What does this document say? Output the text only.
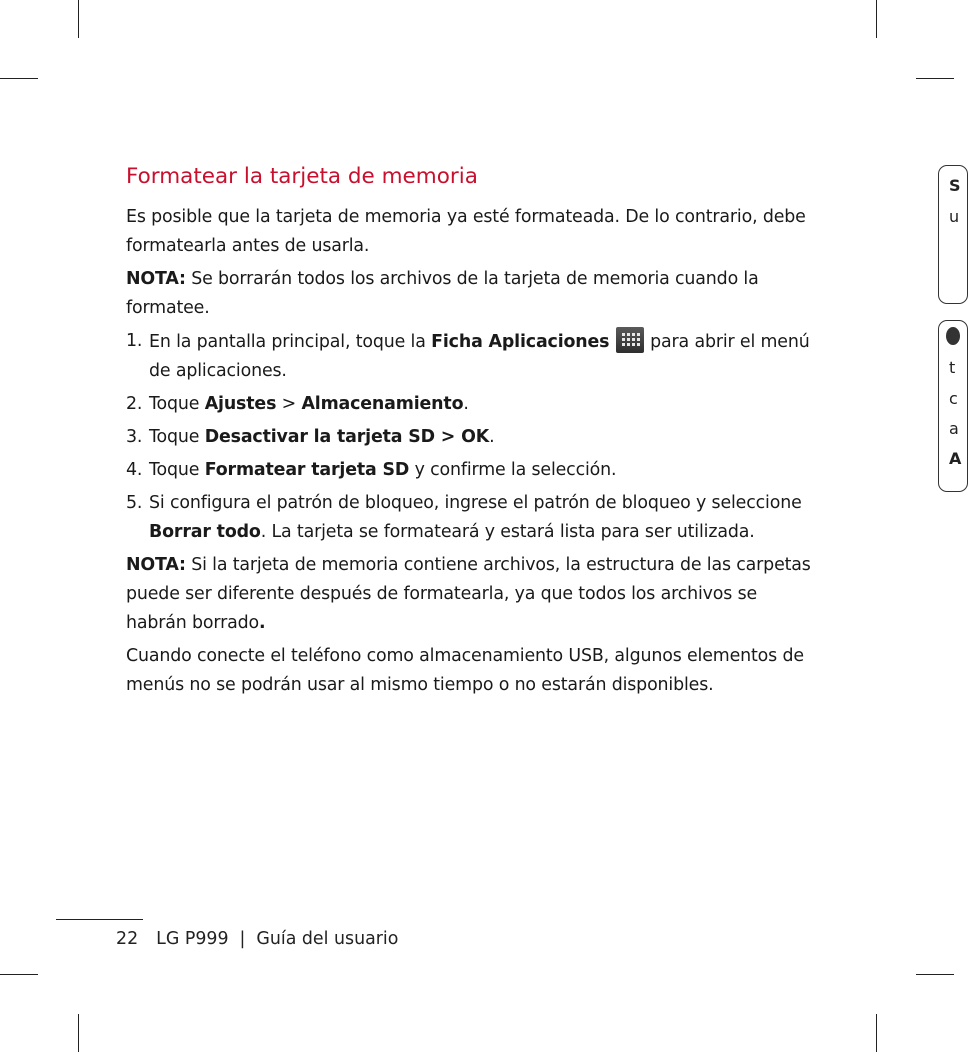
S
u
t
c
a
A
Formatear la tarjeta de memoria

Es posible que la tarjeta de memoria ya esté formateada. De lo contrario, debe formatearla antes de usarla.

NOTA: Se borrarán todos los archivos de la tarjeta de memoria cuando la formatee.

1. En la pantalla principal, toque la Ficha Aplicaciones
para abrir el menú de aplicaciones.
2. Toque Ajustes > Almacenamiento.
3. Toque Desactivar la tarjeta SD > OK.
4. Toque Formatear tarjeta SD y confirme la selección.
5. Si configura el patrón de bloqueo, ingrese el patrón de bloqueo y seleccione Borrar todo. La tarjeta se formateará y estará lista para ser utilizada.

NOTA: Si la tarjeta de memoria contiene archivos, la estructura de las carpetas puede ser diferente después de formatearla, ya que todos los archivos se habrán borrado.

Cuando conecte el teléfono como almacenamiento USB, algunos elementos de menús no se podrán usar al mismo tiempo o no estarán disponibles.

22 LG P999 | Guía del usuario
